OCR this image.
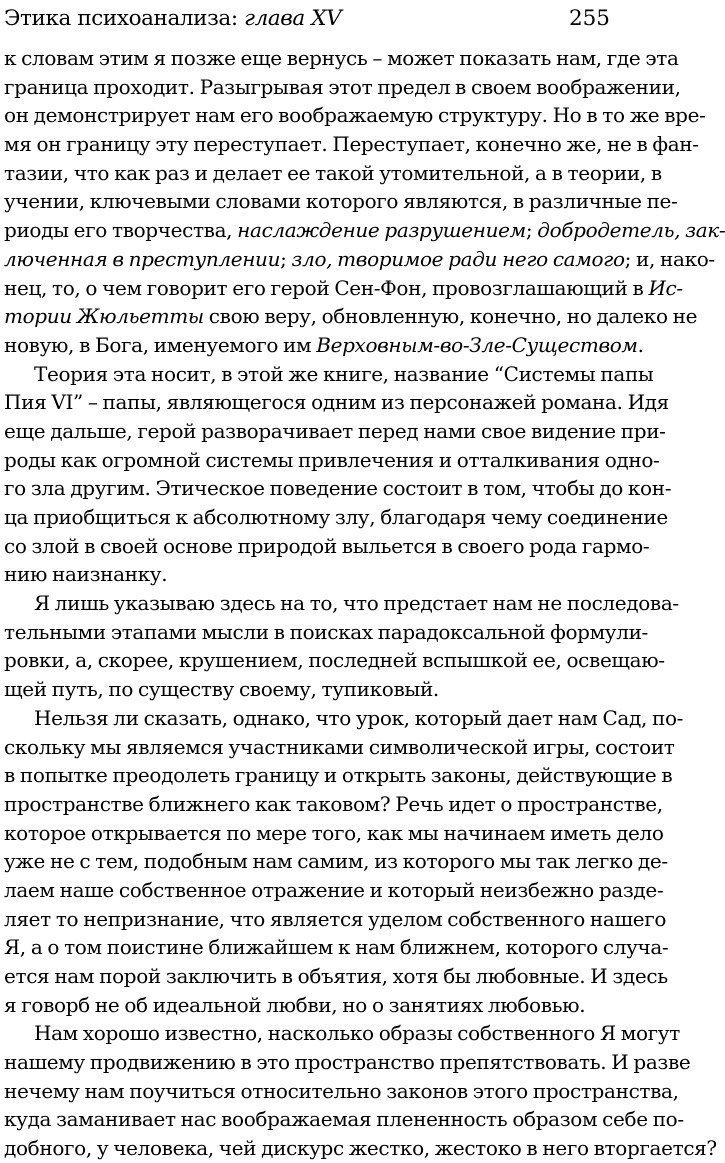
Этика психоанализа: глава XV	255
к словам этим я позже еще вернусь – может показать нам, где эта
граница проходит. Разыгрывая этот предел в своем воображении,
он демонстрирует нам его воображаемую структуру. Но в то же вре-
мя он границу эту переступает. Переступает, конечно же, не в фан-
тазии, что как раз и делает ее такой утомительной, а в теории, в
учении, ключевыми словами которого являются, в различные пе-
риоды его творчества, наслаждение разрушением; добродетель, зак-
люченная в преступлении; зло, творимое ради него самого; и, нако-
нец, то, о чем говорит его герой Сен-Фон, провозглашающий в Ис-
тории Жюльетты свою веру, обновленную, конечно, но далеко не
новую, в Бога, именуемого им Верховным-во-Зле-Существом.
Теория эта носит, в этой же книге, название “Системы папы
Пия VI” – папы, являющегося одним из персонажей романа. Идя
еще дальше, герой разворачивает перед нами свое видение при-
роды как огромной системы привлечения и отталкивания одно-
го зла другим. Этическое поведение состоит в том, чтобы до кон-
ца приобщиться к абсолютному злу, благодаря чему соединение
со злой в своей основе природой выльется в своего рода гармо-
нию наизнанку.
Я лишь указываю здесь на то, что предстает нам не последова-
тельными этапами мысли в поисках парадоксальной формули-
ровки, а, скорее, крушением, последней вспышкой ее, освещаю-
щей путь, по существу своему, тупиковый.
Нельзя ли сказать, однако, что урок, который дает нам Сад, по-
скольку мы являемся участниками символической игры, состоит
в попытке преодолеть границу и открыть законы, действующие в
пространстве ближнего как таковом? Речь идет о пространстве,
которое открывается по мере того, как мы начинаем иметь дело
уже не с тем, подобным нам самим, из которого мы так легко де-
лаем наше собственное отражение и который неизбежно разде-
ляет то непризнание, что является уделом собственного нашего
Я, а о том поистине ближайшем к нам ближнем, которого случа-
ется нам порой заключить в объятия, хотя бы любовные. И здесь
я говорб не об идеальной любви, но о занятиях любовью.
Нам хорошо известно, насколько образы собственного Я могут
нашему продвижению в это пространство препятствовать. И разве
нечему нам поучиться относительно законов этого пространства,
куда заманивает нас воображаемая плененность образом себе по-
добного, у человека, чей дискурс жестко, жестоко в него вторгается?
